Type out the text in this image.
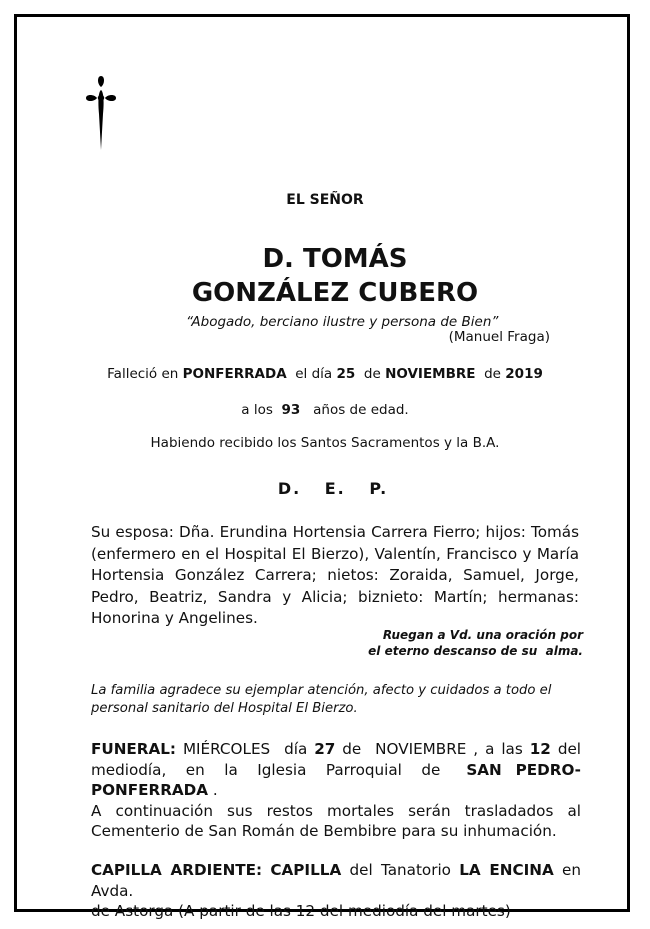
EL SEÑOR
D. TOMÁS
GONZÁLEZ CUBERO
“Abogado, berciano ilustre y persona de Bien”
(Manuel Fraga)
Falleció en PONFERRADA el día 25 de NOVIEMBRE de 2019
a los 93 años de edad.
Habiendo recibido los Santos Sacramentos y la B.A.
D. E. P.
Su esposa: Dña. Erundina Hortensia Carrera Fierro; hijos: Tomás
(enfermero en el Hospital El Bierzo), Valentín, Francisco y María
Hortensia González Carrera; nietos: Zoraida, Samuel, Jorge,
Pedro, Beatriz, Sandra y Alicia; biznieto: Martín; hermanas:
Honorina y Angelines.
Ruegan a Vd. una oración por
el eterno descanso de su  alma.
La familia agradece su ejemplar atención, afecto y cuidados a todo el
personal sanitario del Hospital El Bierzo.
FUNERAL: MIÉRCOLES día 27 de  NOVIEMBRE , a las 12 del
mediodía,   en   la   Iglesia   Parroquial   de SAN  PEDRO-
PONFERRADA .
A continuación sus restos mortales serán trasladados al
Cementerio de San Román de Bembibre para su inhumación.
CAPILLA ARDIENTE: CAPILLA del Tanatorio LA ENCINA en Avda.
de Astorga (A partir de las 12 del mediodía del martes)
